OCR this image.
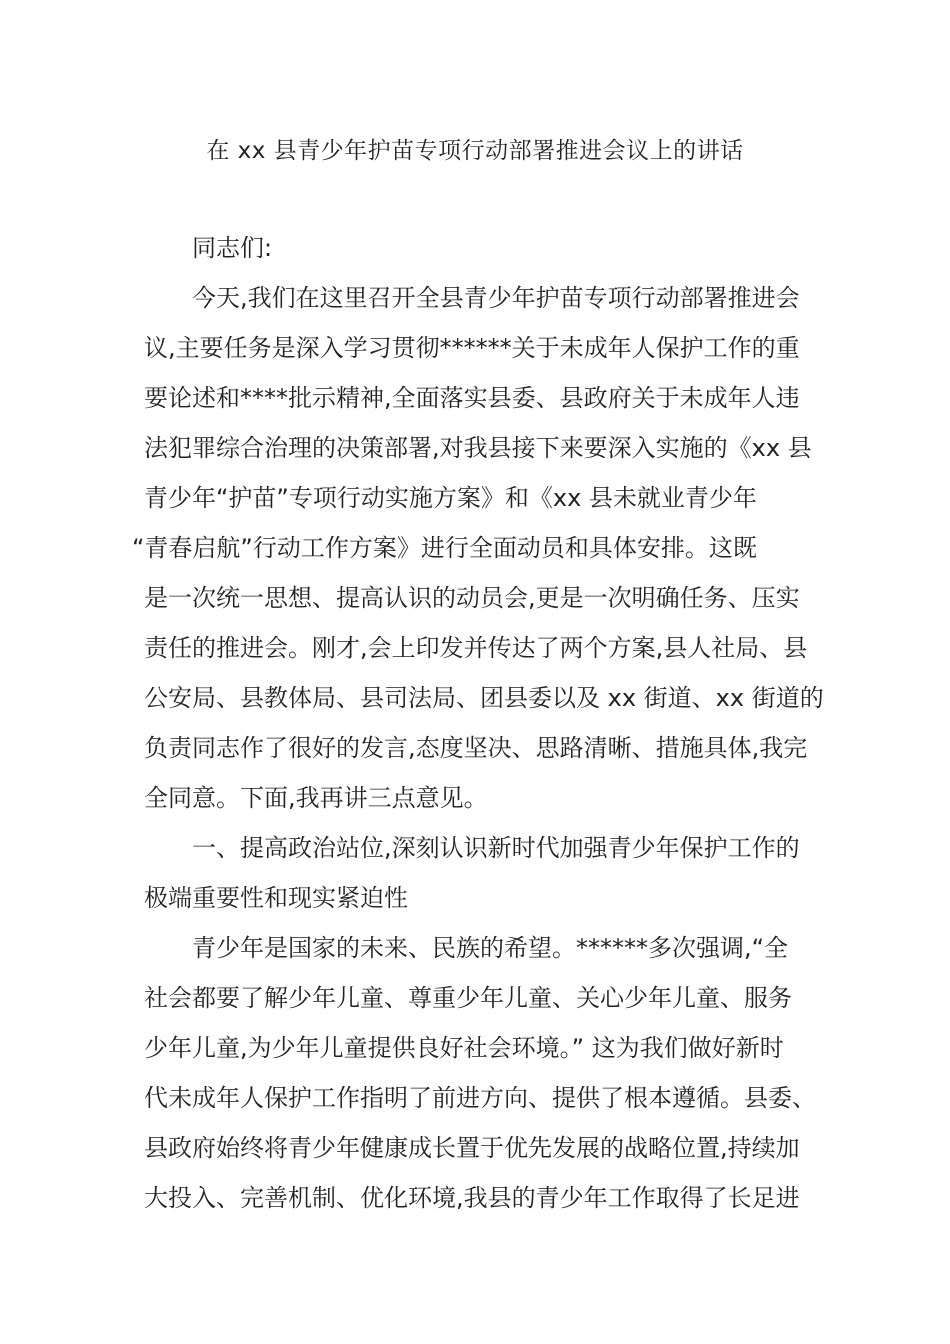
在 xx 县青少年护苗专项行动部署推进会议上的讲话
同志们:
今天,我们在这里召开全县青少年护苗专项行动部署推进会
议,主要任务是深入学习贯彻******关于未成年人保护工作的重
要论述和****批示精神,全面落实县委、县政府关于未成年人违
法犯罪综合治理的决策部署,对我县接下来要深入实施的《xx 县
青少年“护苗”专项行动实施方案》和《xx 县未就业青少年
“青春启航”行动工作方案》进行全面动员和具体安排。这既
是一次统一思想、提高认识的动员会,更是一次明确任务、压实
责任的推进会。刚才,会上印发并传达了两个方案,县人社局、县
公安局、县教体局、县司法局、团县委以及 xx 街道、xx 街道的
负责同志作了很好的发言,态度坚决、思路清晰、措施具体,我完
全同意。下面,我再讲三点意见。
一、提高政治站位,深刻认识新时代加强青少年保护工作的
极端重要性和现实紧迫性
青少年是国家的未来、民族的希望。******多次强调,“全
社会都要了解少年儿童、尊重少年儿童、关心少年儿童、服务
少年儿童,为少年儿童提供良好社会环境。” 这为我们做好新时
代未成年人保护工作指明了前进方向、提供了根本遵循。县委、
县政府始终将青少年健康成长置于优先发展的战略位置,持续加
大投入、完善机制、优化环境,我县的青少年工作取得了长足进
